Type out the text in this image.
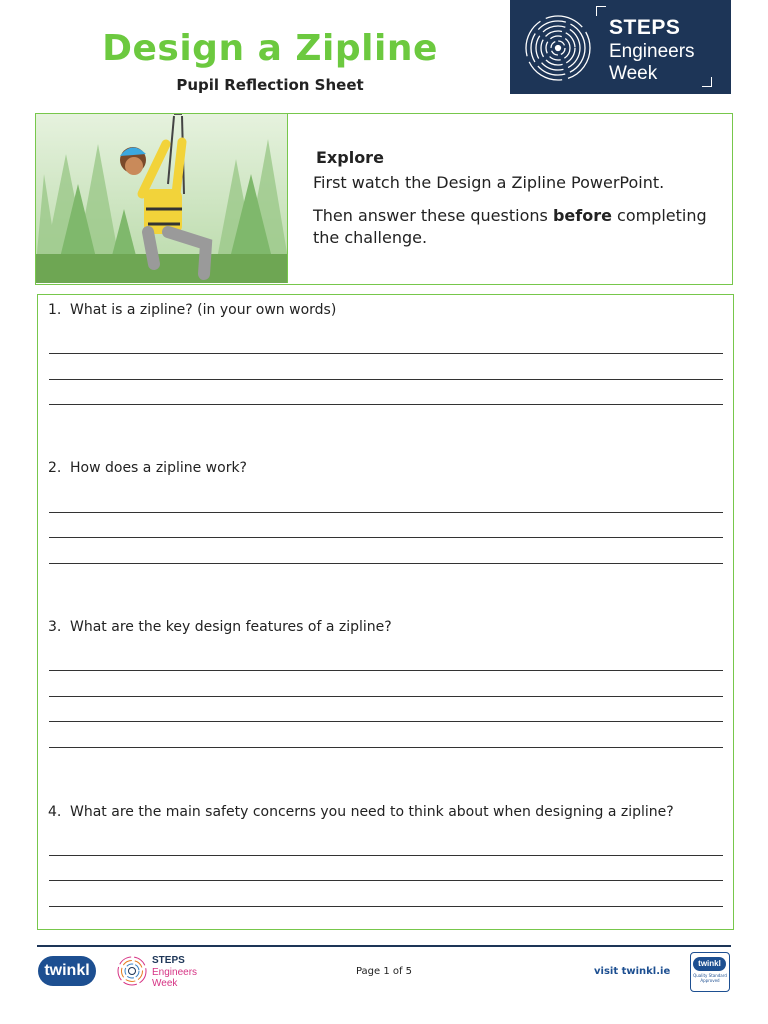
Design a Zipline
Pupil Reflection Sheet
STEPS
Engineers
Week
Explore
First watch the Design a Zipline PowerPoint.
Then answer these questions before completing the challenge.
1. What is a zipline? (in your own words)
2. How does a zipline work?
3. What are the key design features of a zipline?
4. What are the main safety concerns you need to think about when designing a zipline?
twinkl
STEPS
Engineers
Week
Page 1 of 5	visit twinkl.ie
twinkl
Quality Standard Approved
